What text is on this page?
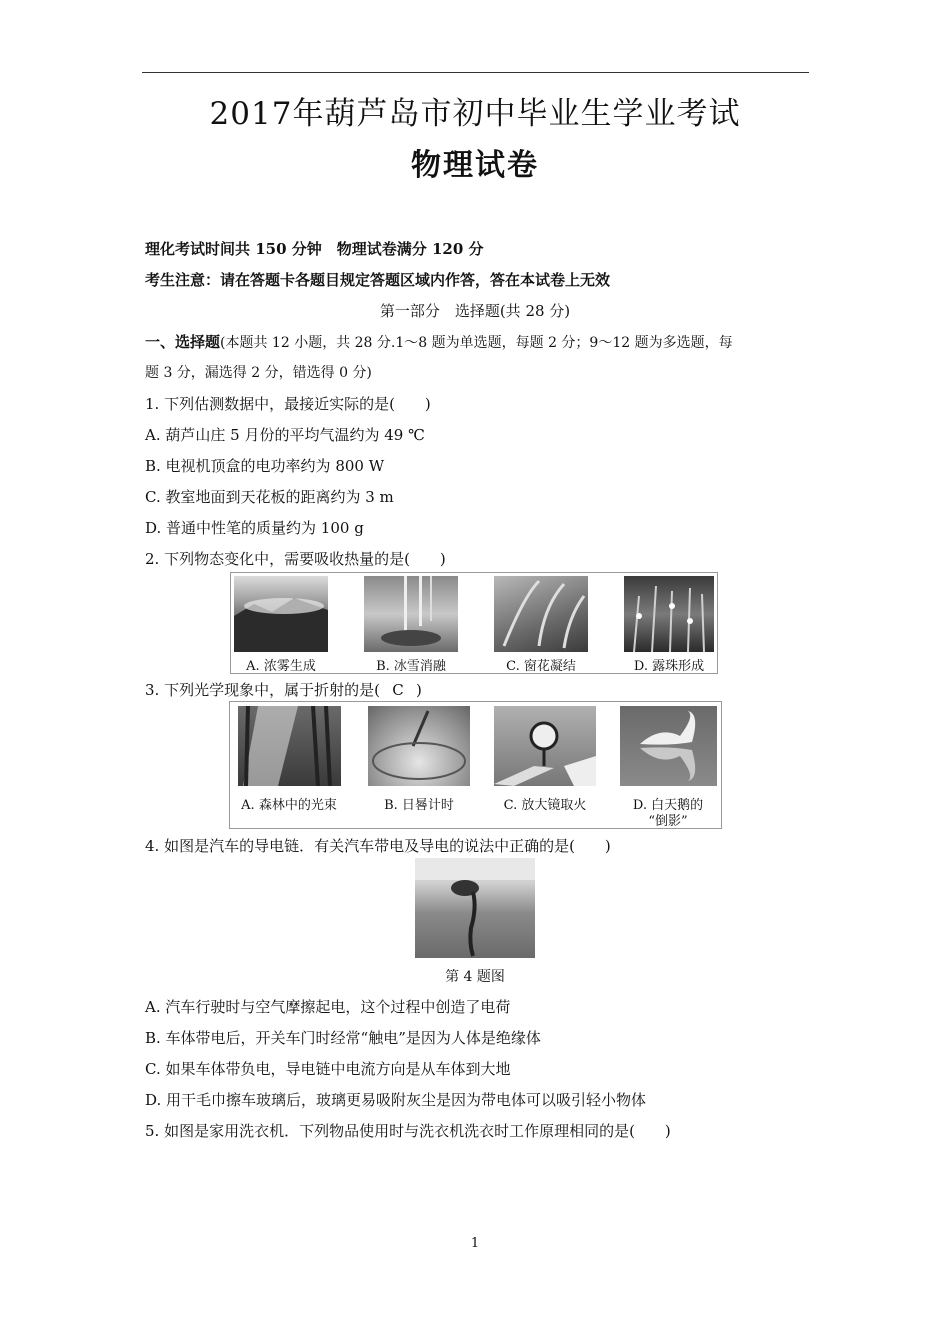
2017年葫芦岛市初中毕业生学业考试
物理试卷
理化考试时间共 150 分钟　物理试卷满分 120 分
考生注意：请在答题卡各题目规定答题区域内作答，答在本试卷上无效
第一部分　选择题(共 28 分)
一、选择题(本题共 12 小题，共 28 分.1～8 题为单选题，每题 2 分；9～12 题为多选题，每
题 3 分，漏选得 2 分，错选得 0 分)
1. 下列估测数据中，最接近实际的是(　　)
A. 葫芦山庄 5 月份的平均气温约为 49 ℃
B. 电视机顶盒的电功率约为 800 W
C. 教室地面到天花板的距离约为 3 m
D. 普通中性笔的质量约为 100 g
2. 下列物态变化中，需要吸收热量的是(　　)
A. 浓雾生成	B. 冰雪消融	C. 窗花凝结	D. 露珠形成
3. 下列光学现象中，属于折射的是( C )
A. 森林中的光束	B. 日晷计时	C. 放大镜取火	D. 白天鹅的
“倒影”
4. 如图是汽车的导电链．有关汽车带电及导电的说法中正确的是(　　)
第 4 题图
A. 汽车行驶时与空气摩擦起电，这个过程中创造了电荷
B. 车体带电后，开关车门时经常“触电”是因为人体是绝缘体
C. 如果车体带负电，导电链中电流方向是从车体到大地
D. 用干毛巾擦车玻璃后，玻璃更易吸附灰尘是因为带电体可以吸引轻小物体
5. 如图是家用洗衣机．下列物品使用时与洗衣机洗衣时工作原理相同的是(　　)
1
